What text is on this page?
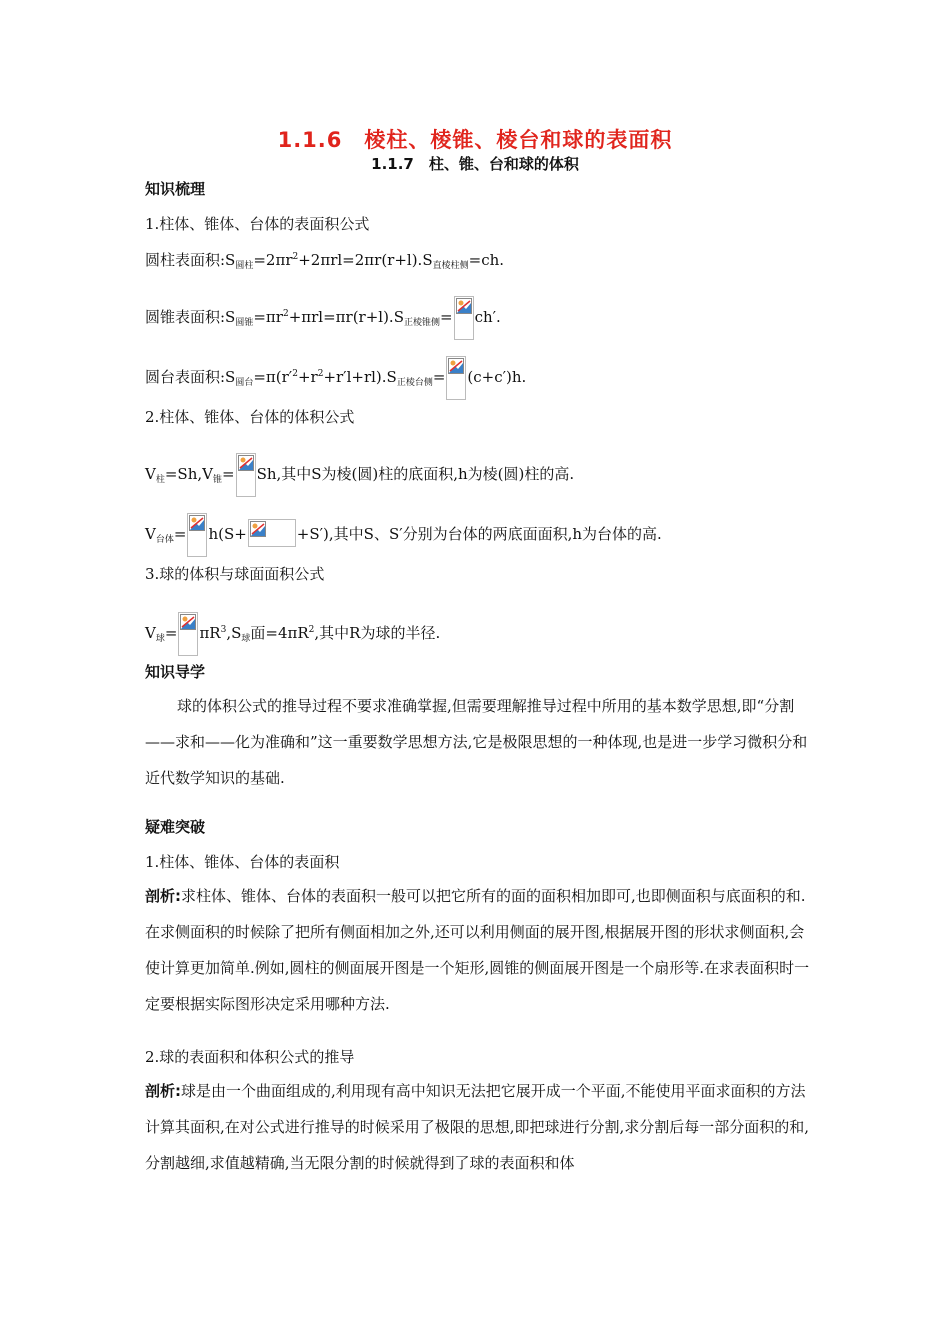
1.1.6　棱柱、棱锥、棱台和球的表面积
1.1.7　柱、锥、台和球的体积
知识梳理
1.柱体、锥体、台体的表面积公式
圆柱表面积$:S_{圆柱}=2\pi r^2+2\pi rl=2\pi r(r+l).S_{直棱柱侧}=ch$.
圆锥表面积$:S_{圆锥}=\pi r^2+\pi rl=\pi r(r+l).S_{正棱锥侧}= ch'$.
圆台表面积$:S_{圆台}=\pi(r'^2+r^2+r'l+rl).S_{正棱台侧}= (c+c')h$.
2.柱体、锥体、台体的体积公式
$V_柱=Sh,V_锥= Sh$,其中S为棱(圆)柱的底面积,h为棱(圆)柱的高.
$V_{台体}= h(S+$	+S′),其中S、S′分别为台体的两底面面积,h为台体的高.
3.球的体积与球面面积公式
$V_球= \pi R^3,S_球$面$=4\pi R^2$,其中R为球的半径.
知识导学
球的体积公式的推导过程不要求准确掌握,但需要理解推导过程中所用的基本数学思想,即“分割——求和——化为准确和”这一重要数学思想方法,它是极限思想的一种体现,也是进一步学习微积分和近代数学知识的基础.
疑难突破
1.柱体、锥体、台体的表面积
剖析:求柱体、锥体、台体的表面积一般可以把它所有的面的面积相加即可,也即侧面积与底面积的和.在求侧面积的时候除了把所有侧面相加之外,还可以利用侧面的展开图,根据展开图的形状求侧面积,会使计算更加简单.例如,圆柱的侧面展开图是一个矩形,圆锥的侧面展开图是一个扇形等.在求表面积时一定要根据实际图形决定采用哪种方法.
2.球的表面积和体积公式的推导
剖析:球是由一个曲面组成的,利用现有高中知识无法把它展开成一个平面,不能使用平面求面积的方法计算其面积,在对公式进行推导的时候采用了极限的思想,即把球进行分割,求分割后每一部分面积的和,分割越细,求值越精确,当无限分割的时候就得到了球的表面积和体
